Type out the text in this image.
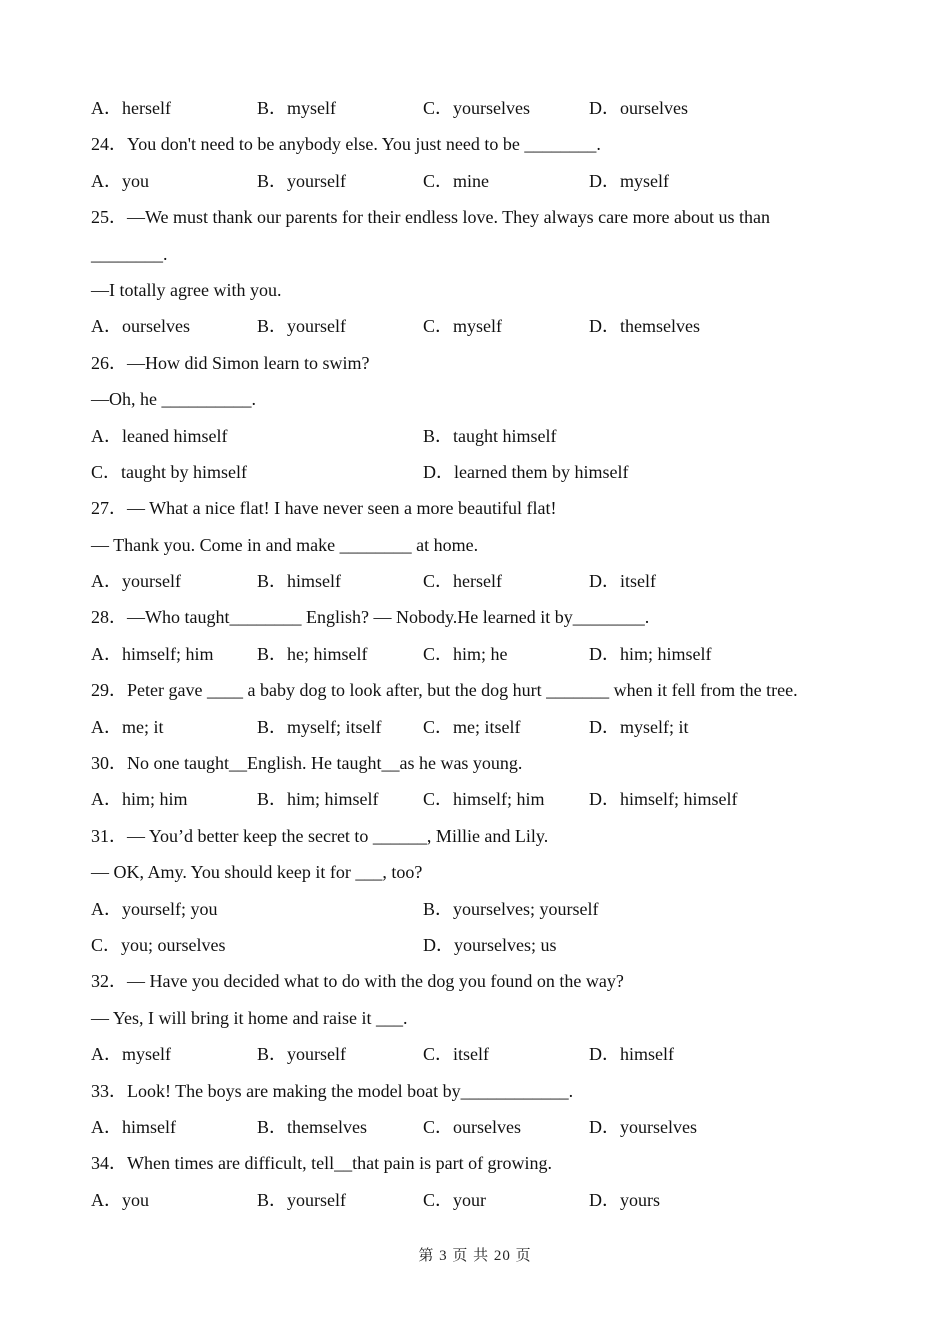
A．herself	B．myself	C．yourselves	D．ourselves
24．You don't need to be anybody else. You just need to be ________.
A．you	B．yourself	C．mine	D．myself
25．—We must thank our parents for their endless love. They always care more about us than
________.
—I totally agree with you.
A．ourselves	B．yourself	C．myself	D．themselves
26．—How did Simon learn to swim?
—Oh, he __________.
A．leaned himself	B．taught himself
C．taught by himself	D．learned them by himself
27．— What a nice flat! I have never seen a more beautiful flat!
— Thank you. Come in and make ________ at home.
A．yourself	B．himself	C．herself	D．itself
28．—Who taught________ English? — Nobody.He learned it by________.
A．himself; him B．he; himself	C．him; he	D．him; himself
29．Peter gave ____ a baby dog to look after, but the dog hurt _______ when it fell from the tree.
A．me; it	B．myself; itself C．me; itself	D．myself; it
30．No one taught__English. He taught__as he was young.
A．him; him	B．him; himself C．himself; him D．himself; himself
31．— You’d better keep the secret to ______, Millie and Lily.
— OK, Amy. You should keep it for ___, too?
A．yourself; you	B．yourselves; yourself
C．you; ourselves	D．yourselves; us
32．— Have you decided what to do with the dog you found on the way?
— Yes, I will bring it home and raise it ___.
A．myself	B．yourself	C．itself	D．himself
33．Look! The boys are making the model boat by____________.
A．himself	B．themselves	C．ourselves	D．yourselves
34．When times are difficult, tell__that pain is part of growing.
A．you	B．yourself	C．your	D．yours
第 3 页 共 20 页
